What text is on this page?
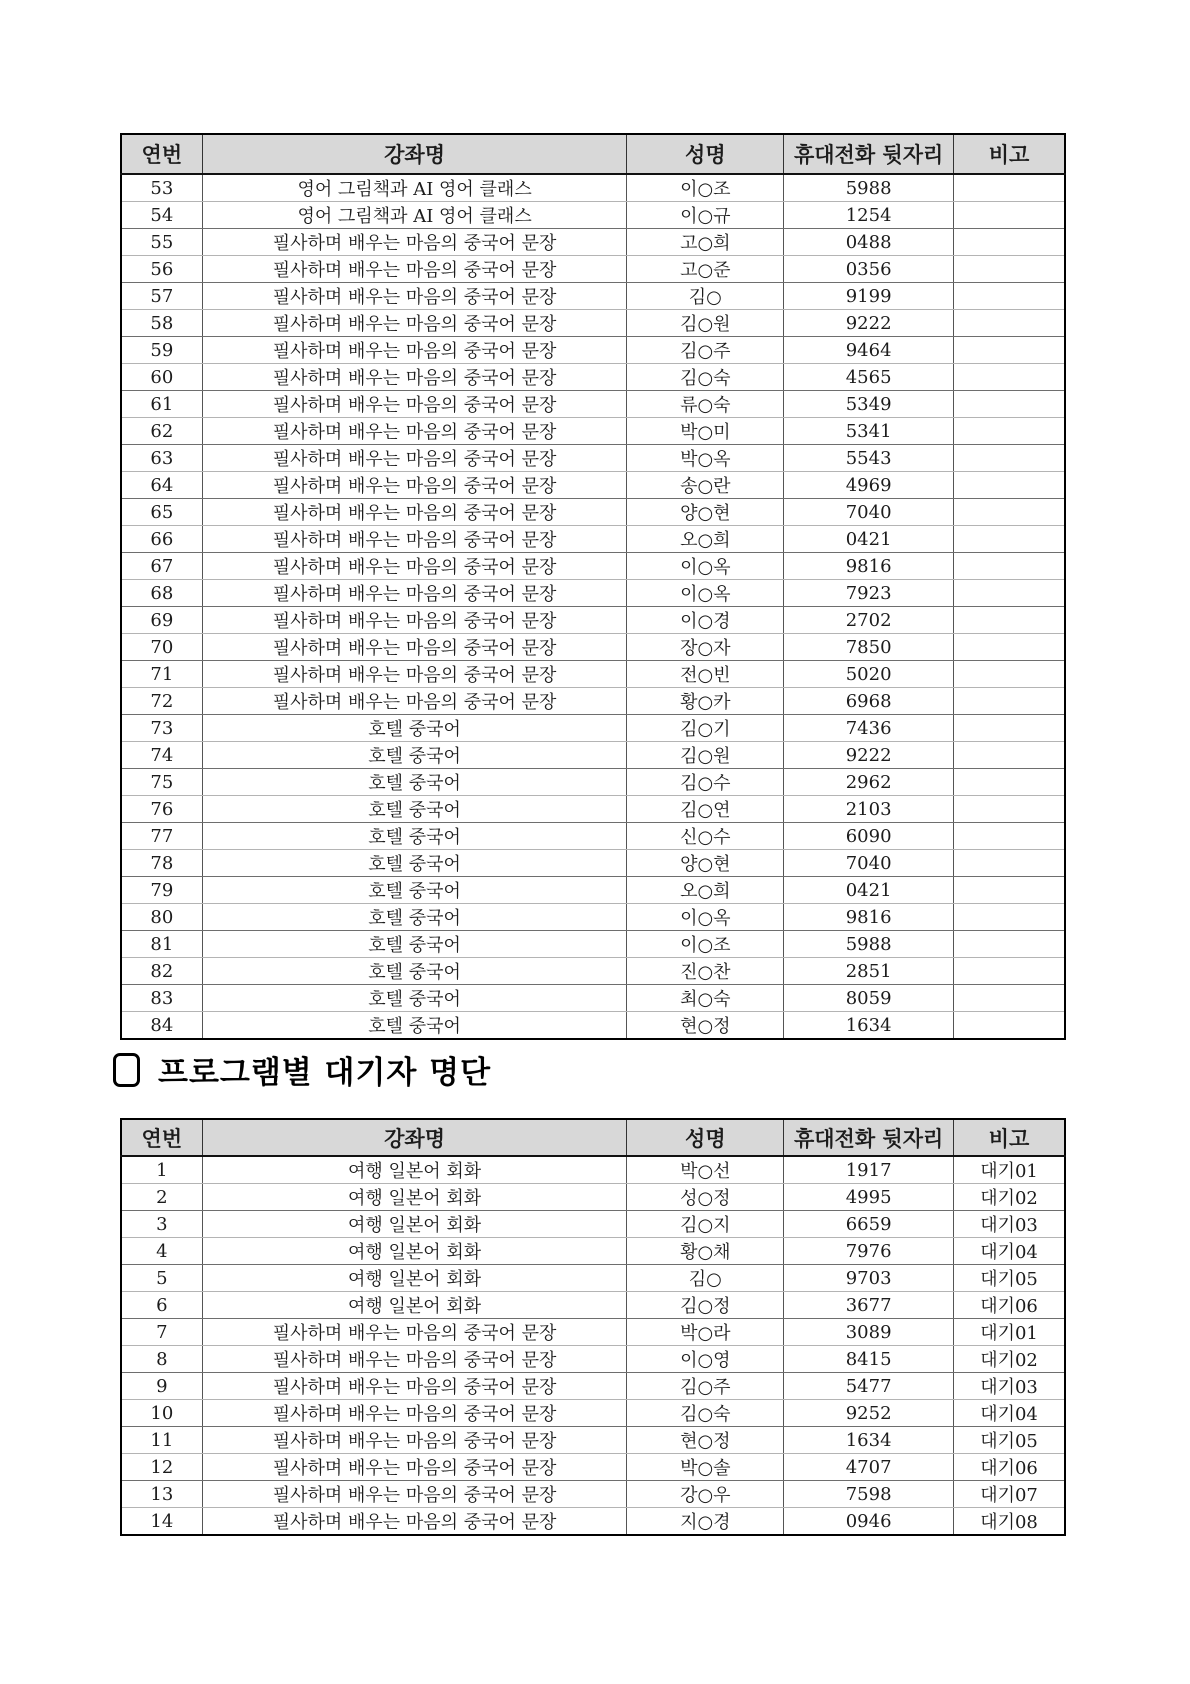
연번	강좌명	성명	휴대전화 뒷자리	비고
53	영어 그림책과 AI 영어 클래스	이○조	5988	
54	영어 그림책과 AI 영어 클래스	이○규	1254	
55	필사하며 배우는 마음의 중국어 문장	고○희	0488	
56	필사하며 배우는 마음의 중국어 문장	고○준	0356	
57	필사하며 배우는 마음의 중국어 문장	김○	9199	
58	필사하며 배우는 마음의 중국어 문장	김○원	9222	
59	필사하며 배우는 마음의 중국어 문장	김○주	9464	
60	필사하며 배우는 마음의 중국어 문장	김○숙	4565	
61	필사하며 배우는 마음의 중국어 문장	류○숙	5349	
62	필사하며 배우는 마음의 중국어 문장	박○미	5341	
63	필사하며 배우는 마음의 중국어 문장	박○옥	5543	
64	필사하며 배우는 마음의 중국어 문장	송○란	4969	
65	필사하며 배우는 마음의 중국어 문장	양○현	7040	
66	필사하며 배우는 마음의 중국어 문장	오○희	0421	
67	필사하며 배우는 마음의 중국어 문장	이○옥	9816	
68	필사하며 배우는 마음의 중국어 문장	이○옥	7923	
69	필사하며 배우는 마음의 중국어 문장	이○경	2702	
70	필사하며 배우는 마음의 중국어 문장	장○자	7850	
71	필사하며 배우는 마음의 중국어 문장	전○빈	5020	
72	필사하며 배우는 마음의 중국어 문장	황○카	6968	
73	호텔 중국어	김○기	7436	
74	호텔 중국어	김○원	9222	
75	호텔 중국어	김○수	2962	
76	호텔 중국어	김○연	2103	
77	호텔 중국어	신○수	6090	
78	호텔 중국어	양○현	7040	
79	호텔 중국어	오○희	0421	
80	호텔 중국어	이○옥	9816	
81	호텔 중국어	이○조	5988	
82	호텔 중국어	진○찬	2851	
83	호텔 중국어	최○숙	8059	
84	호텔 중국어	현○정	1634	
프로그램별 대기자 명단
연번	강좌명	성명	휴대전화 뒷자리	비고
1	여행 일본어 회화	박○선	1917	대기01
2	여행 일본어 회화	성○정	4995	대기02
3	여행 일본어 회화	김○지	6659	대기03
4	여행 일본어 회화	황○채	7976	대기04
5	여행 일본어 회화	김○	9703	대기05
6	여행 일본어 회화	김○정	3677	대기06
7	필사하며 배우는 마음의 중국어 문장	박○라	3089	대기01
8	필사하며 배우는 마음의 중국어 문장	이○영	8415	대기02
9	필사하며 배우는 마음의 중국어 문장	김○주	5477	대기03
10	필사하며 배우는 마음의 중국어 문장	김○숙	9252	대기04
11	필사하며 배우는 마음의 중국어 문장	현○정	1634	대기05
12	필사하며 배우는 마음의 중국어 문장	박○솔	4707	대기06
13	필사하며 배우는 마음의 중국어 문장	강○우	7598	대기07
14	필사하며 배우는 마음의 중국어 문장	지○경	0946	대기08
